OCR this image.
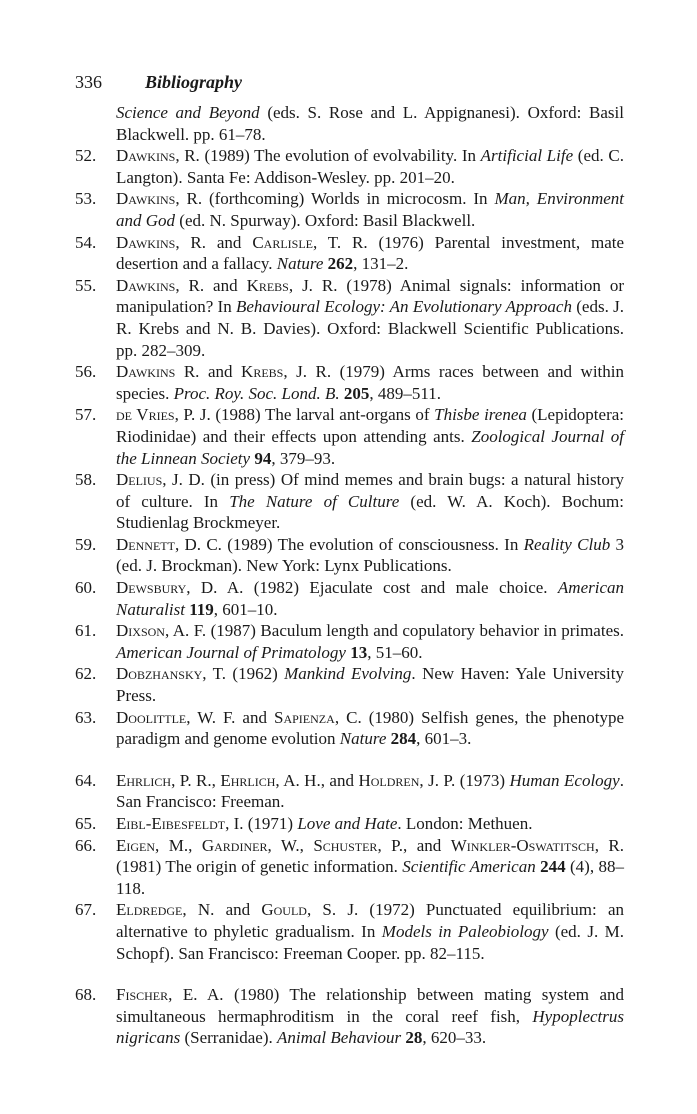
336 Bibliography
Science and Beyond (eds. S. Rose and L. Appignanesi). Oxford: Basil Blackwell. pp. 61–78.
52.	Dawkins, R. (1989) The evolution of evolvability. In Artificial Life (ed. C. Langton). Santa Fe: Addison-Wesley. pp. 201–20.
53.	Dawkins, R. (forthcoming) Worlds in microcosm. In Man, Environment and God (ed. N. Spurway). Oxford: Basil Blackwell.
54.	Dawkins, R. and Carlisle, T. R. (1976) Parental investment, mate desertion and a fallacy. Nature 262, 131–2.
55.	Dawkins, R. and Krebs, J. R. (1978) Animal signals: information or manipulation? In Behavioural Ecology: An Evolutionary Approach (eds. J. R. Krebs and N. B. Davies). Oxford: Blackwell Scientific Publications. pp. 282–309.
56.	Dawkins R. and Krebs, J. R. (1979) Arms races between and within species. Proc. Roy. Soc. Lond. B. 205, 489–511.
57.	de Vries, P. J. (1988) The larval ant-organs of Thisbe irenea (Lepidoptera: Riodinidae) and their effects upon attending ants. Zoological Journal of the Linnean Society 94, 379–93.
58.	Delius, J. D. (in press) Of mind memes and brain bugs: a natural history of culture. In The Nature of Culture (ed. W. A. Koch). Bochum: Studienlag Brockmeyer.
59.	Dennett, D. C. (1989) The evolution of consciousness. In Reality Club 3 (ed. J. Brockman). New York: Lynx Publications.
60.	Dewsbury, D. A. (1982) Ejaculate cost and male choice. American Naturalist 119, 601–10.
61.	Dixson, A. F. (1987) Baculum length and copulatory behavior in primates. American Journal of Primatology 13, 51–60.
62.	Dobzhansky, T. (1962) Mankind Evolving. New Haven: Yale University Press.
63.	Doolittle, W. F. and Sapienza, C. (1980) Selfish genes, the phenotype paradigm and genome evolution Nature 284, 601–3.
64.	Ehrlich, P. R., Ehrlich, A. H., and Holdren, J. P. (1973) Human Ecology. San Francisco: Freeman.
65.	Eibl-Eibesfeldt, I. (1971) Love and Hate. London: Methuen.
66.	Eigen, M., Gardiner, W., Schuster, P., and Winkler-Oswatitsch, R. (1981) The origin of genetic information. Scientific American 244 (4), 88–118.
67.	Eldredge, N. and Gould, S. J. (1972) Punctuated equilibrium: an alternative to phyletic gradualism. In Models in Paleobiology (ed. J. M. Schopf). San Francisco: Freeman Cooper. pp. 82–115.
68.	Fischer, E. A. (1980) The relationship between mating system and simultaneous hermaphroditism in the coral reef fish, Hypoplectrus nigricans (Serranidae). Animal Behaviour 28, 620–33.
